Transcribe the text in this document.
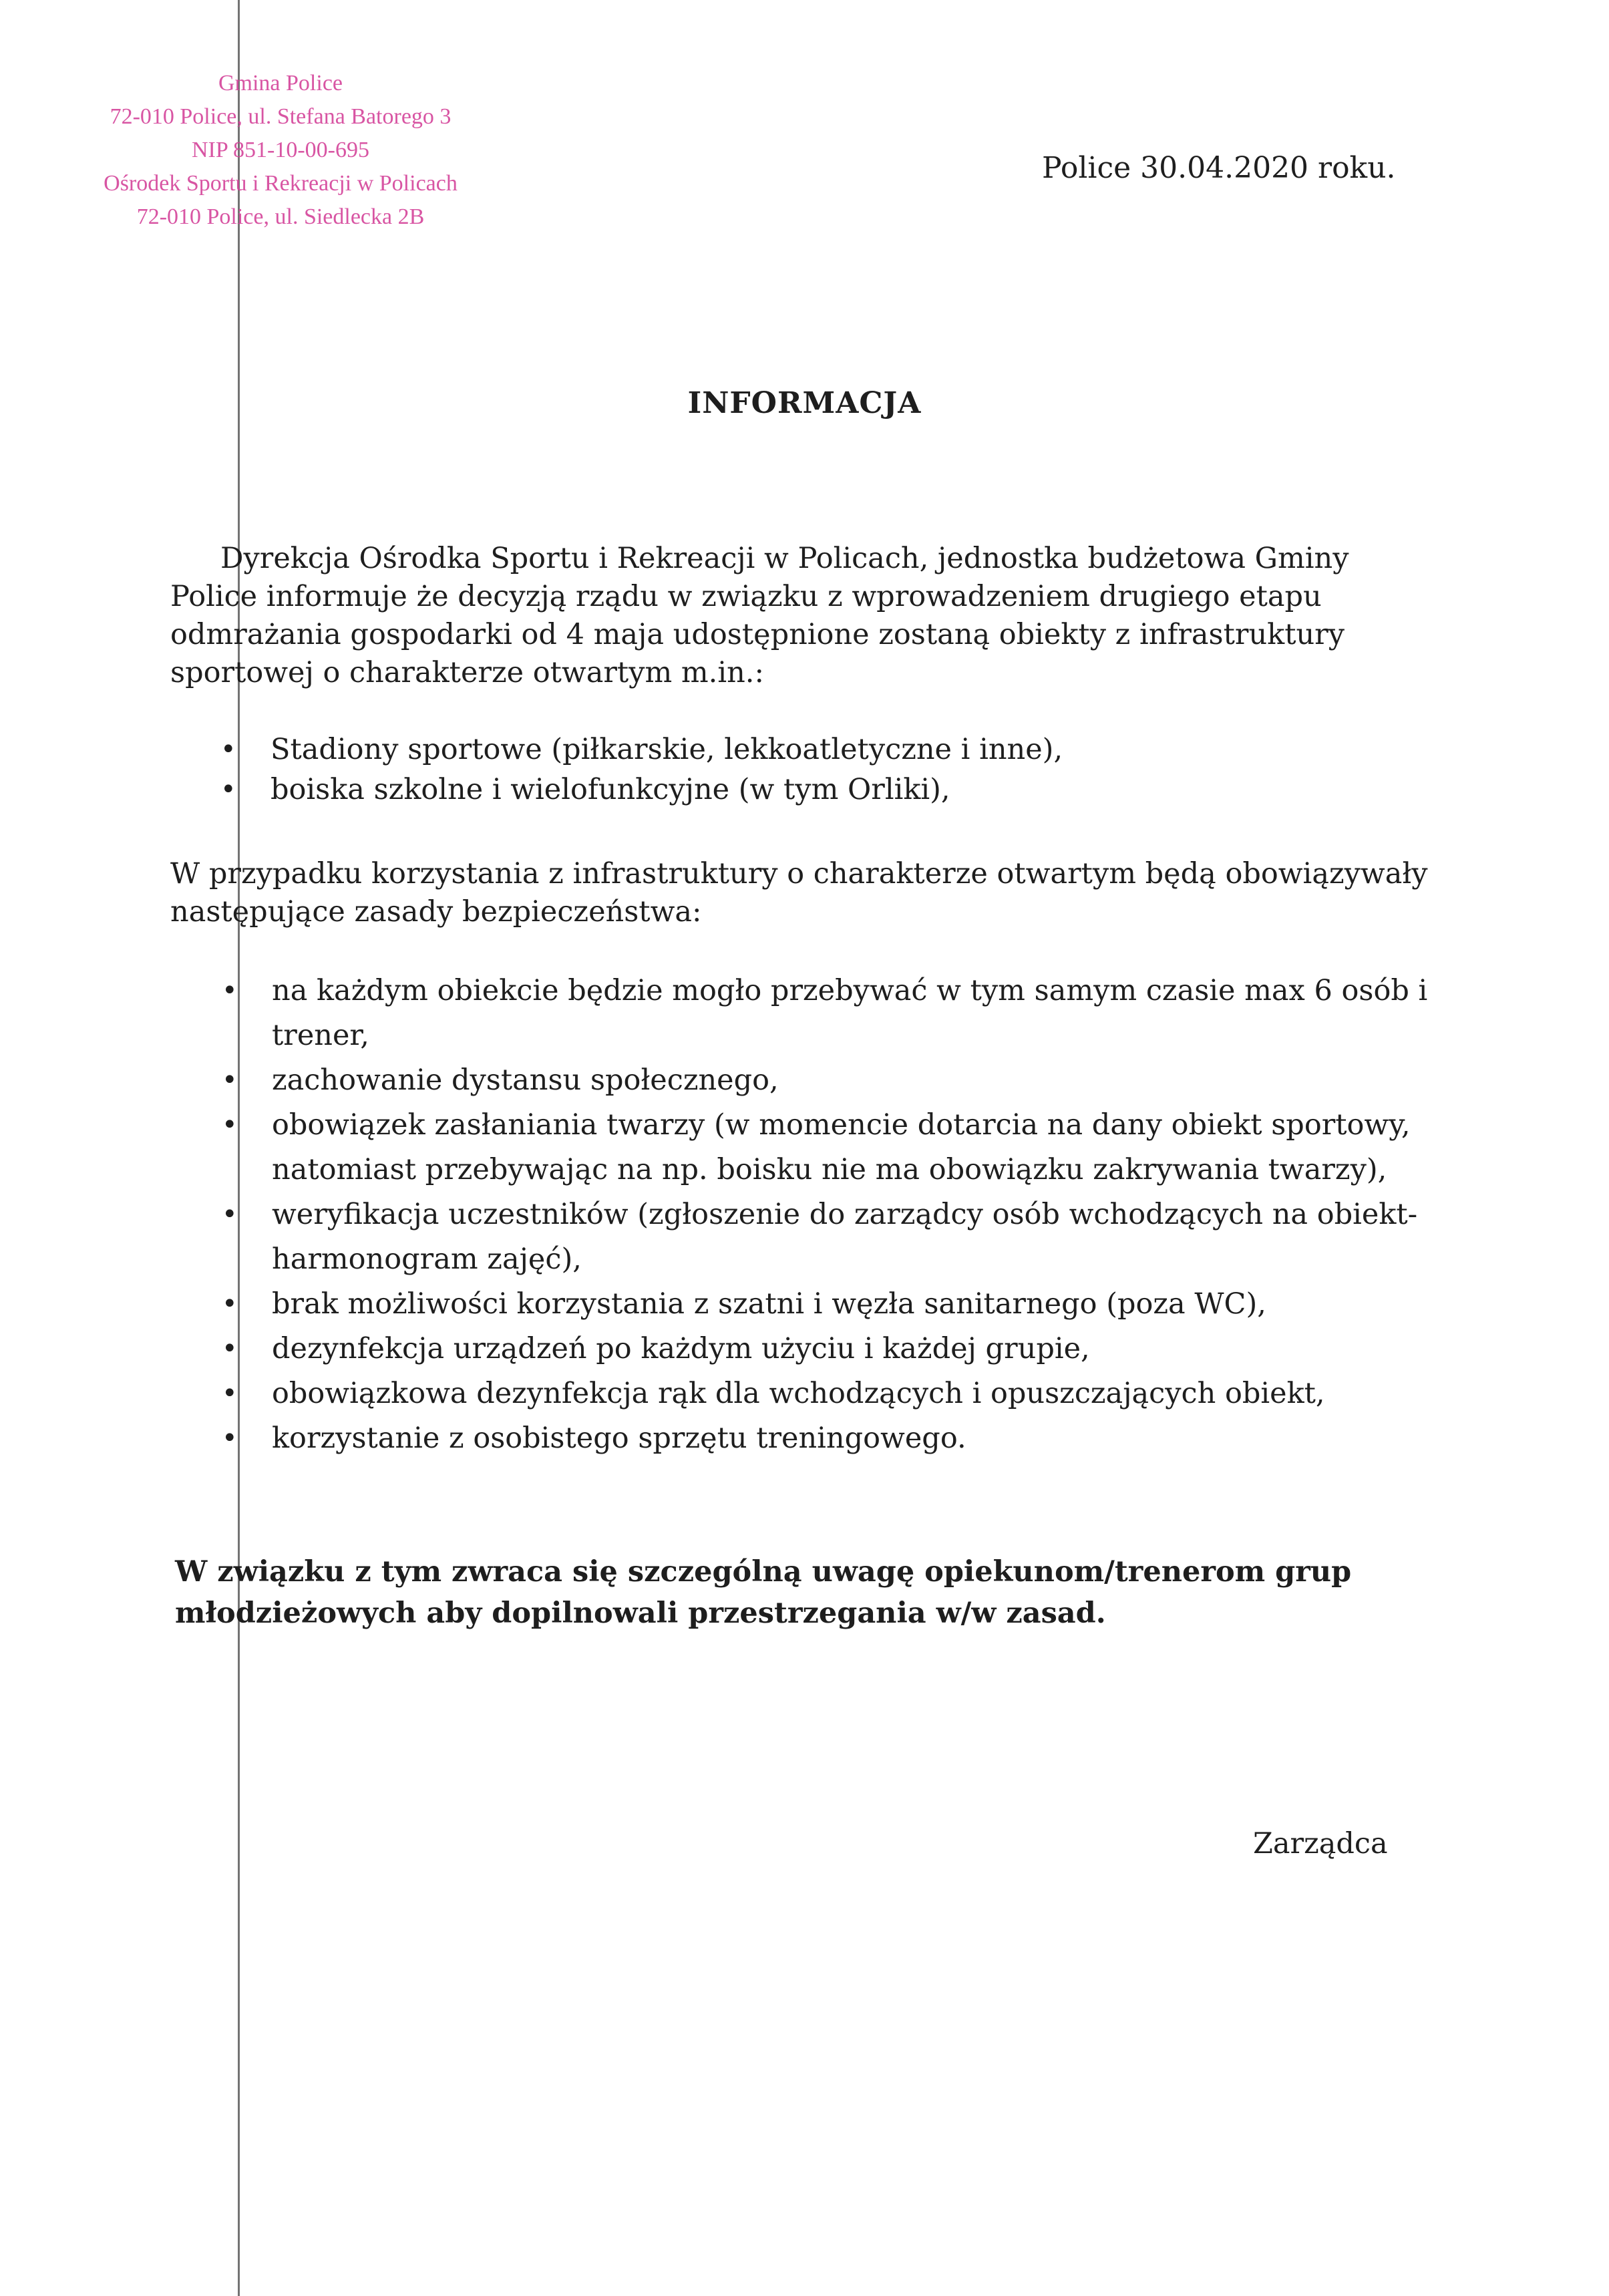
Gmina Police
72-010 Police, ul. Stefana Batorego 3
NIP 851-10-00-695
Ośrodek Sportu i Rekreacji w Policach
72-010 Police, ul. Siedlecka 2B
Police 30.04.2020 roku.
INFORMACJA
Dyrekcja Ośrodka Sportu i Rekreacji w Policach, jednostka budżetowa Gminy Police informuje że decyzją rządu w związku z wprowadzeniem drugiego etapu odmrażania gospodarki od 4 maja udostępnione zostaną obiekty z infrastruktury sportowej o charakterze otwartym m.in.:
• Stadiony sportowe (piłkarskie, lekkoatletyczne i inne),
• boiska szkolne i wielofunkcyjne (w tym Orliki),
W przypadku korzystania z infrastruktury o charakterze otwartym będą obowiązywały następujące zasady bezpieczeństwa:
• na każdym obiekcie będzie mogło przebywać w tym samym czasie max 6 osób i trener,
• zachowanie dystansu społecznego,
• obowiązek zasłaniania twarzy (w momencie dotarcia na dany obiekt sportowy, natomiast przebywając na np. boisku nie ma obowiązku zakrywania twarzy),
• weryfikacja uczestników (zgłoszenie do zarządcy osób wchodzących na obiekt-harmonogram zajęć),
• brak możliwości korzystania z szatni i węzła sanitarnego (poza WC),
• dezynfekcja urządzeń po każdym użyciu i każdej grupie,
• obowiązkowa dezynfekcja rąk dla wchodzących i opuszczających obiekt,
• korzystanie z osobistego sprzętu treningowego.
W związku z tym zwraca się szczególną uwagę opiekunom/trenerom grup młodzieżowych aby dopilnowali przestrzegania w/w zasad.
Zarządca
